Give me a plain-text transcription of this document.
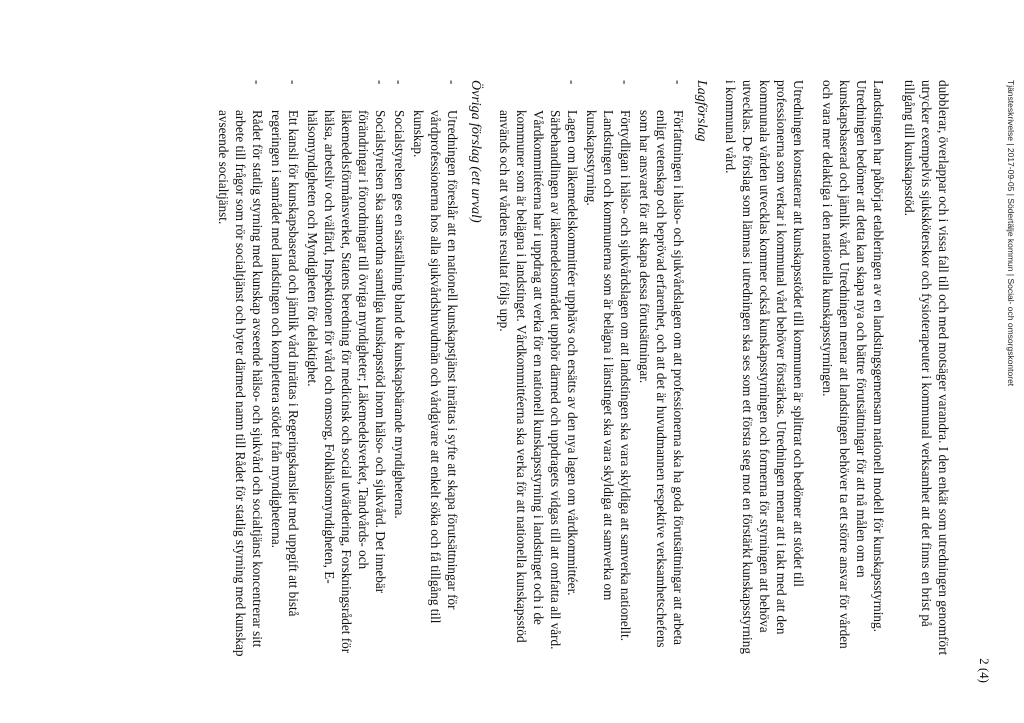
Tjänsteskrivelse | 2017-09-05 | Södertälje kommun | Social- och omsorgskontoret
2 (4)

dubblerar, överlappar och i vissa fall till och med motsäger varandra. I den enkät som utredningen genomfört utrycker exempelvis sjuksköterskor och fysioterapeuter i kommunal verksamhet att det finns en brist på tillgång till kunskapsstöd.

Landstingen har påbörjat etableringen av en landstingsgemensam nationell modell för kunskapsstyrning. Utredningen bedömer att detta kan skapa nya och bättre förutsättningar för att nå målen om en kunskapsbaserad och jämlik vård. Utredningen menar att landstingen behöver ta ett större ansvar för vården och vara mer delaktiga i den nationella kunskapsstyrningen.

Utredningen konstaterar att kunskapsstödet till kommunen är splittrat och bedömer att stödet till professionerna som verkar i kommunal vård behöver förstärkas. Utredningen menar att i takt med att den kommunala vården utvecklas kommer också kunskapsstyrningen och formerna för styrningen att behöva utvecklas. De förslag som lämnas i utredningen ska ses som ett första steg mot en förstärkt kunskapsstyrning i kommunal vård.

Lagförslag
-
Författningen i hälso- och sjukvårdslagen om att professionerna ska ha goda förutsättningar att arbeta enligt vetenskap och beprövad erfarenhet, och att det är huvudmannen respektive verksamhetschefens som har ansvaret för att skapa dessa förutsättningar.
-
Förtydligan i hälso- och sjukvårdslagen om att landstingen ska vara skyldiga att samverka nationellt. Landstingen och kommunerna som är belägna i länstinget ska vara skyldiga att samverka om kunskapsstyrning.
-
Lagen om läkemedelskommittéer upphävs och ersätts av den nya lagen om vårdkommittéer. Särbehandlingen av läkemedelsområdet upphör därmed och uppdragets vidgas till att omfatta all vård. Vårdkommittéerna har i uppdrag att verka för en nationell kunskapsstyrning i landstinget och i de kommuner som är belägna i landstinget. Vårdkommittéerna ska verka för att nationella kunskapsstöd används och att vårdens resultat följs upp.
Övriga förslag (ett urval)
-
Utredningen föreslår att en nationell kunskapstjänst inrättas i syfte att skapa förutsättningar för vårdprofessionerna hos alla sjukvårdshuvudmän och vårdgivare att enkelt söka och få tillgång till kunskap.
-
Socialstyrelsen ges en särställning bland de kunskapsbärande myndigheterna.
-
Socialstyrelsen ska samordna samtliga kunskapsstöd inom hälso- och sjukvård. Det innebär förändringar i förordningar till övriga myndigheter; Läkemedelsverket, Tandvårds- och läkemedelsförmånsverket, Statens beredning för medicinsk och social utvärdering, Forskningsrådet för hälsa, arbetsliv och välfärd, Inspektionen för vård och omsorg, Folkhälsomyndigheten, E-hälsomyndigheten och Myndigheten för delaktighet.
-
Ett kansli för kunskapsbaserad och jämlik vård inrättas i Regeringskansliet med uppgift att bistå regeringen i samrådet med landstingen och komplettera stödet från myndigheterna.
-
Rådet för statlig styrning med kunskap avseende hälso- och sjukvård och socialtjänst koncentrerar sitt arbete till frågor som rör socialtjänst och byter därmed namn till Rådet för statlig styrning med kunskap avseende socialtjänst.
